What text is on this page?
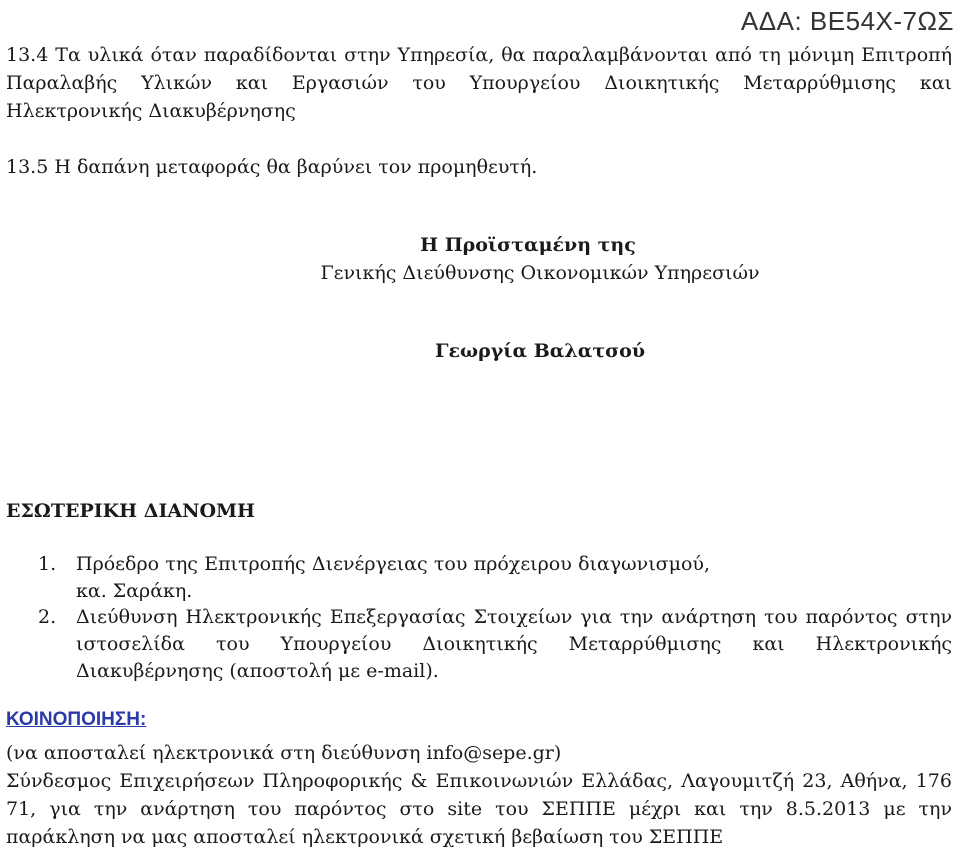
ΑΔΑ: ΒΕ54Χ-7ΩΣ
13.4 Τα υλικά όταν παραδίδονται στην Υπηρεσία, θα παραλαμβάνονται από τη μόνιμη Επιτροπή Παραλαβής Υλικών και Εργασιών του Υπουργείου Διοικητικής Μεταρρύθμισης και Ηλεκτρονικής Διακυβέρνησης
13.5 Η δαπάνη μεταφοράς θα βαρύνει τον προμηθευτή.
Η Προϊσταμένη της
Γενικής Διεύθυνσης Οικονομικών Υπηρεσιών
Γεωργία Βαλατσού
ΕΣΩΤΕΡΙΚΗ ΔΙΑΝΟΜΗ
1.	Πρόεδρο της Επιτροπής Διενέργειας του πρόχειρου διαγωνισμού, κα. Σαράκη.
2.	Διεύθυνση Ηλεκτρονικής Επεξεργασίας Στοιχείων για την ανάρτηση του παρόντος στην ιστοσελίδα του Υπουργείου Διοικητικής Μεταρρύθμισης και Ηλεκτρονικής Διακυβέρνησης (αποστολή με e-mail).
ΚΟΙΝΟΠΟΙΗΣΗ:
(να αποσταλεί ηλεκτρονικά στη διεύθυνση info@sepe.gr)
Σύνδεσμος Επιχειρήσεων Πληροφορικής & Επικοινωνιών Ελλάδας, Λαγουμιτζή 23, Αθήνα, 176 71, για την ανάρτηση του παρόντος στο site του ΣΕΠΠΕ μέχρι και την 8.5.2013 με την παράκληση να μας αποσταλεί ηλεκτρονικά σχετική βεβαίωση του ΣΕΠΠΕ
